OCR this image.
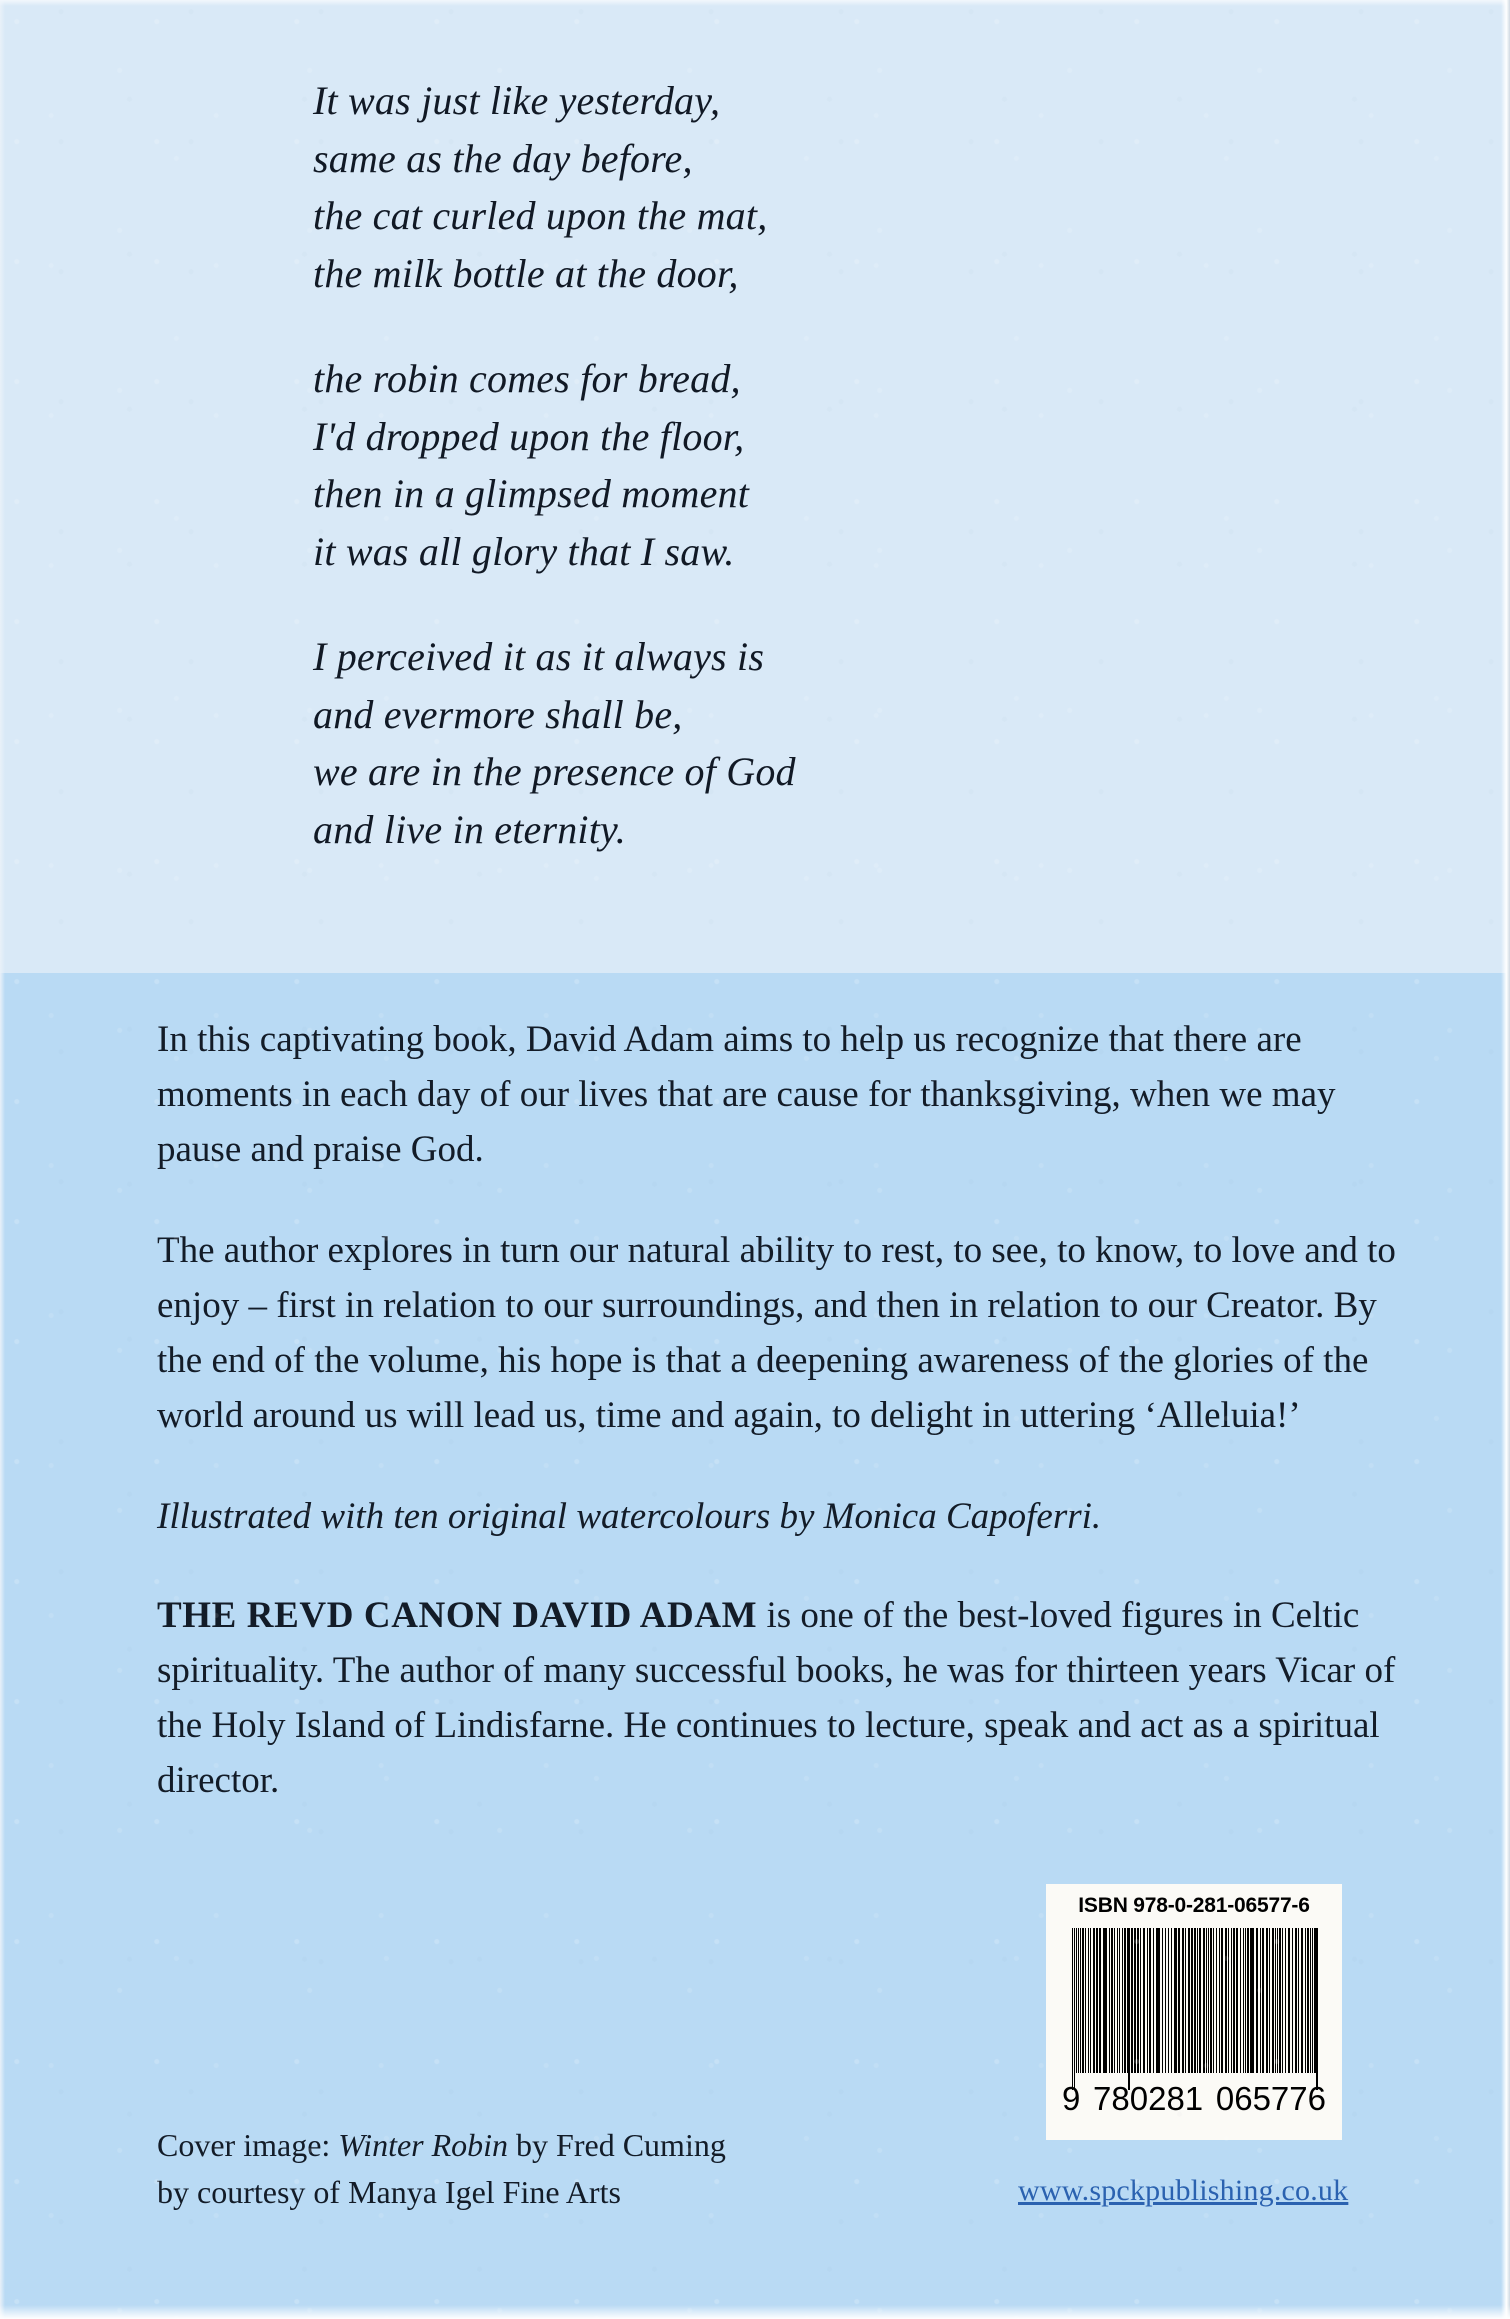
It was just like yesterday,
same as the day before,
the cat curled upon the mat,
the milk bottle at the door,
the robin comes for bread,
I'd dropped upon the floor,
then in a glimpsed moment
it was all glory that I saw.
I perceived it as it always is
and evermore shall be,
we are in the presence of God
and live in eternity.

In this captivating book, David Adam aims to help us recognize that there are moments in each day of our lives that are cause for thanksgiving, when we may pause and praise God.

The author explores in turn our natural ability to rest, to see, to know, to love and to enjoy – first in relation to our surroundings, and then in relation to our Creator. By the end of the volume, his hope is that a deepening awareness of the glories of the world around us will lead us, time and again, to delight in uttering ‘Alleluia!’

Illustrated with ten original watercolours by Monica Capoferri.

THE REVD CANON DAVID ADAM is one of the best-loved figures in Celtic spirituality. The author of many successful books, he was for thirteen years Vicar of the Holy Island of Lindisfarne. He continues to lecture, speak and act as a spiritual director.

ISBN 978-0-281-06577-6
9 780281 065776
Cover image: Winter Robin by Fred Cuming
by courtesy of Manya Igel Fine Arts	www.spckpublishing.co.uk
